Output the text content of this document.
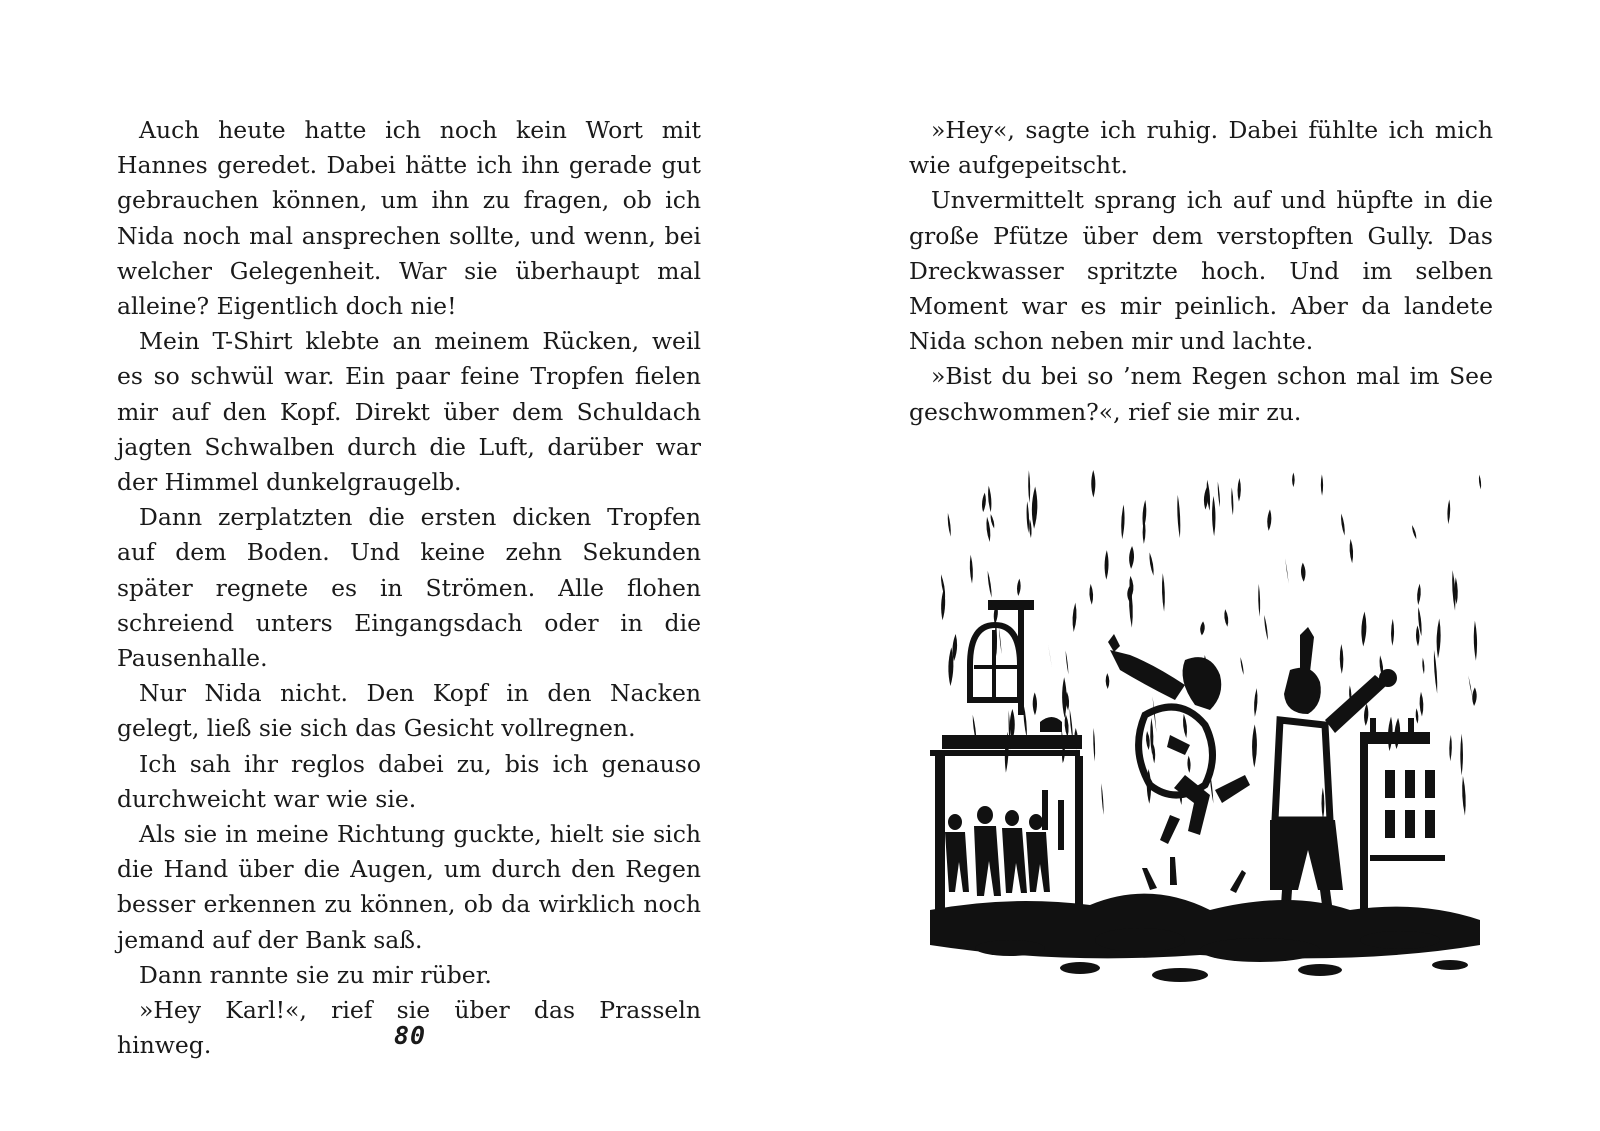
Auch heute hatte ich noch kein Wort mit Hannes geredet. Dabei hätte ich ihn gerade gut gebrauchen können, um ihn zu fragen, ob ich Nida noch mal ansprechen sollte, und wenn, bei welcher Gelegenheit. War sie überhaupt mal alleine? Eigentlich doch nie!

Mein T-Shirt klebte an meinem Rücken, weil es so schwül war. Ein paar feine Tropfen fielen mir auf den Kopf. Direkt über dem Schuldach jagten Schwalben durch die Luft, darüber war der Himmel dunkelgraugelb.

Dann zerplatzten die ersten dicken Tropfen auf dem Boden. Und keine zehn Sekunden später regnete es in Strömen. Alle flohen schreiend unters Eingangsdach oder in die Pausenhalle.

Nur Nida nicht. Den Kopf in den Nacken gelegt, ließ sie sich das Gesicht vollregnen.

Ich sah ihr reglos dabei zu, bis ich genauso durchweicht war wie sie.

Als sie in meine Richtung guckte, hielt sie sich die Hand über die Augen, um durch den Regen besser erkennen zu können, ob da wirklich noch jemand auf der Bank saß.

Dann rannte sie zu mir rüber.

»Hey Karl!«, rief sie über das Prasseln hinweg.	80

»Hey«, sagte ich ruhig. Dabei fühlte ich mich wie aufgepeitscht.

Unvermittelt sprang ich auf und hüpfte in die große Pfütze über dem verstopften Gully. Das Dreckwasser spritzte hoch. Und im selben Moment war es mir peinlich. Aber da landete Nida schon neben mir und lachte.

»Bist du bei so ’nem Regen schon mal im See geschwommen?«, rief sie mir zu.
